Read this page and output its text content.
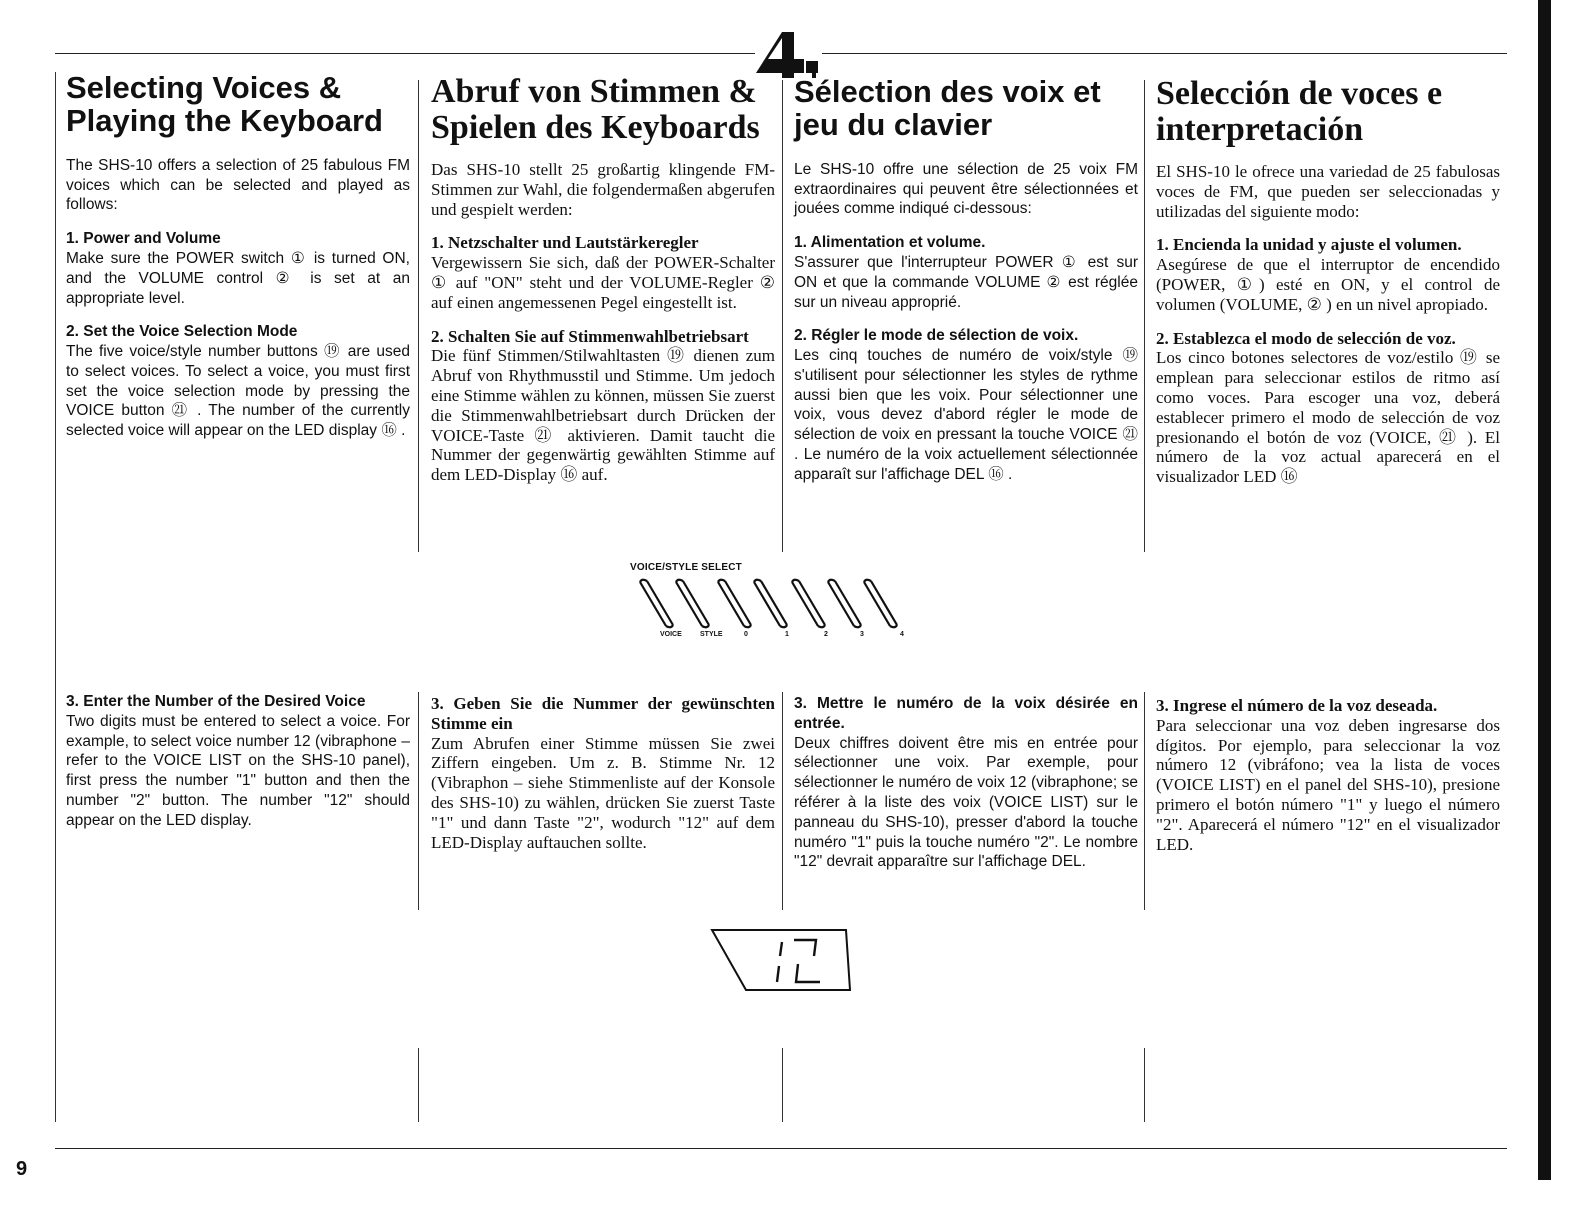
4
Selecting Voices &
Playing the Keyboard

The SHS-10 offers a selection of 25 fabulous FM voices which can be selected and played as follows:

1. Power and Volume

Make sure the POWER switch ① is turned ON, and the VOLUME control ② is set at an appropriate level.

2. Set the Voice Selection Mode

The five voice/style number buttons ⑲ are used to select voices. To select a voice, you must first set the voice selection mode by pressing the VOICE button ㉑ . The number of the currently selected voice will appear on the LED display ⑯ .

Abruf von Stimmen &
Spielen des Keyboards

Das SHS-10 stellt 25 großartig klingende FM-Stimmen zur Wahl, die folgendermaßen abgerufen und gespielt werden:

1. Netzschalter und Lautstärkeregler

Vergewissern Sie sich, daß der POWER-Schalter ① auf "ON" steht und der VOLUME-Regler ② auf einen angemessenen Pegel eingestellt ist.

2. Schalten Sie auf Stimmenwahlbetriebsart

Die fünf Stimmen/Stilwahltasten ⑲ dienen zum Abruf von Rhythmusstil und Stimme. Um jedoch eine Stimme wählen zu können, müssen Sie zuerst die Stimmenwahlbetriebsart durch Drücken der VOICE-Taste ㉑ aktivieren. Damit taucht die Nummer der gegenwärtig gewählten Stimme auf dem LED-Display ⑯ auf.

Sélection des voix et
jeu du clavier

Le SHS-10 offre une sélection de 25 voix FM extraordinaires qui peuvent être sélectionnées et jouées comme indiqué ci-dessous:

1. Alimentation et volume.

S'assurer que l'interrupteur POWER ① est sur ON et que la commande VOLUME ② est réglée sur un niveau approprié.

2. Régler le mode de sélection de voix.

Les cinq touches de numéro de voix/style ⑲ s'utilisent pour sélectionner les styles de rythme aussi bien que les voix. Pour sélectionner une voix, vous devez d'abord régler le mode de sélection de voix en pressant la touche VOICE ㉑ . Le numéro de la voix actuellement sélectionnée apparaît sur l'affichage DEL ⑯ .

Selección de voces e
interpretación

El SHS-10 le ofrece una variedad de 25 fabulosas voces de FM, que pueden ser seleccionadas y utilizadas del siguiente modo:

1. Encienda la unidad y ajuste el volumen.

Asegúrese de que el interruptor de encendido (POWER, ①) esté en ON, y el control de volumen (VOLUME, ② ) en un nivel apropiado.

2. Establezca el modo de selección de voz.

Los cinco botones selectores de voz/estilo ⑲ se emplean para seleccionar estilos de ritmo así como voces. Para escoger una voz, deberá establecer primero el modo de selección de voz presionando el botón de voz (VOICE, ㉑ ). El número de la voz actual aparecerá en el visualizador LED ⑯

VOICE/STYLE SELECT
VOICE	STYLE	0	1	2	3	4
3. Enter the Number of the Desired Voice

Two digits must be entered to select a voice. For example, to select voice number 12 (vibraphone – refer to the VOICE LIST on the SHS-10 panel), first press the number "1" button and then the number "2" button. The number "12" should appear on the LED display.

3. Geben Sie die Nummer der gewünschten Stimme ein

Zum Abrufen einer Stimme müssen Sie zwei Ziffern eingeben. Um z. B. Stimme Nr. 12 (Vibraphon – siehe Stimmenliste auf der Konsole des SHS-10) zu wählen, drücken Sie zuerst Taste "1" und dann Taste "2", wodurch "12" auf dem LED-Display auftauchen sollte.

3. Mettre le numéro de la voix désirée en entrée.

Deux chiffres doivent être mis en entrée pour sélectionner une voix. Par exemple, pour sélectionner le numéro de voix 12 (vibraphone; se référer à la liste des voix (VOICE LIST) sur le panneau du SHS-10), presser d'abord la touche numéro "1" puis la touche numéro "2". Le nombre "12" devrait apparaître sur l'affichage DEL.

3. Ingrese el número de la voz deseada.

Para seleccionar una voz deben ingresarse dos dígitos. Por ejemplo, para seleccionar la voz número 12 (vibráfono; vea la lista de voces (VOICE LIST) en el panel del SHS-10), presione primero el botón número "1" y luego el número "2". Aparecerá el número "12" en el visualizador LED.

12
9
